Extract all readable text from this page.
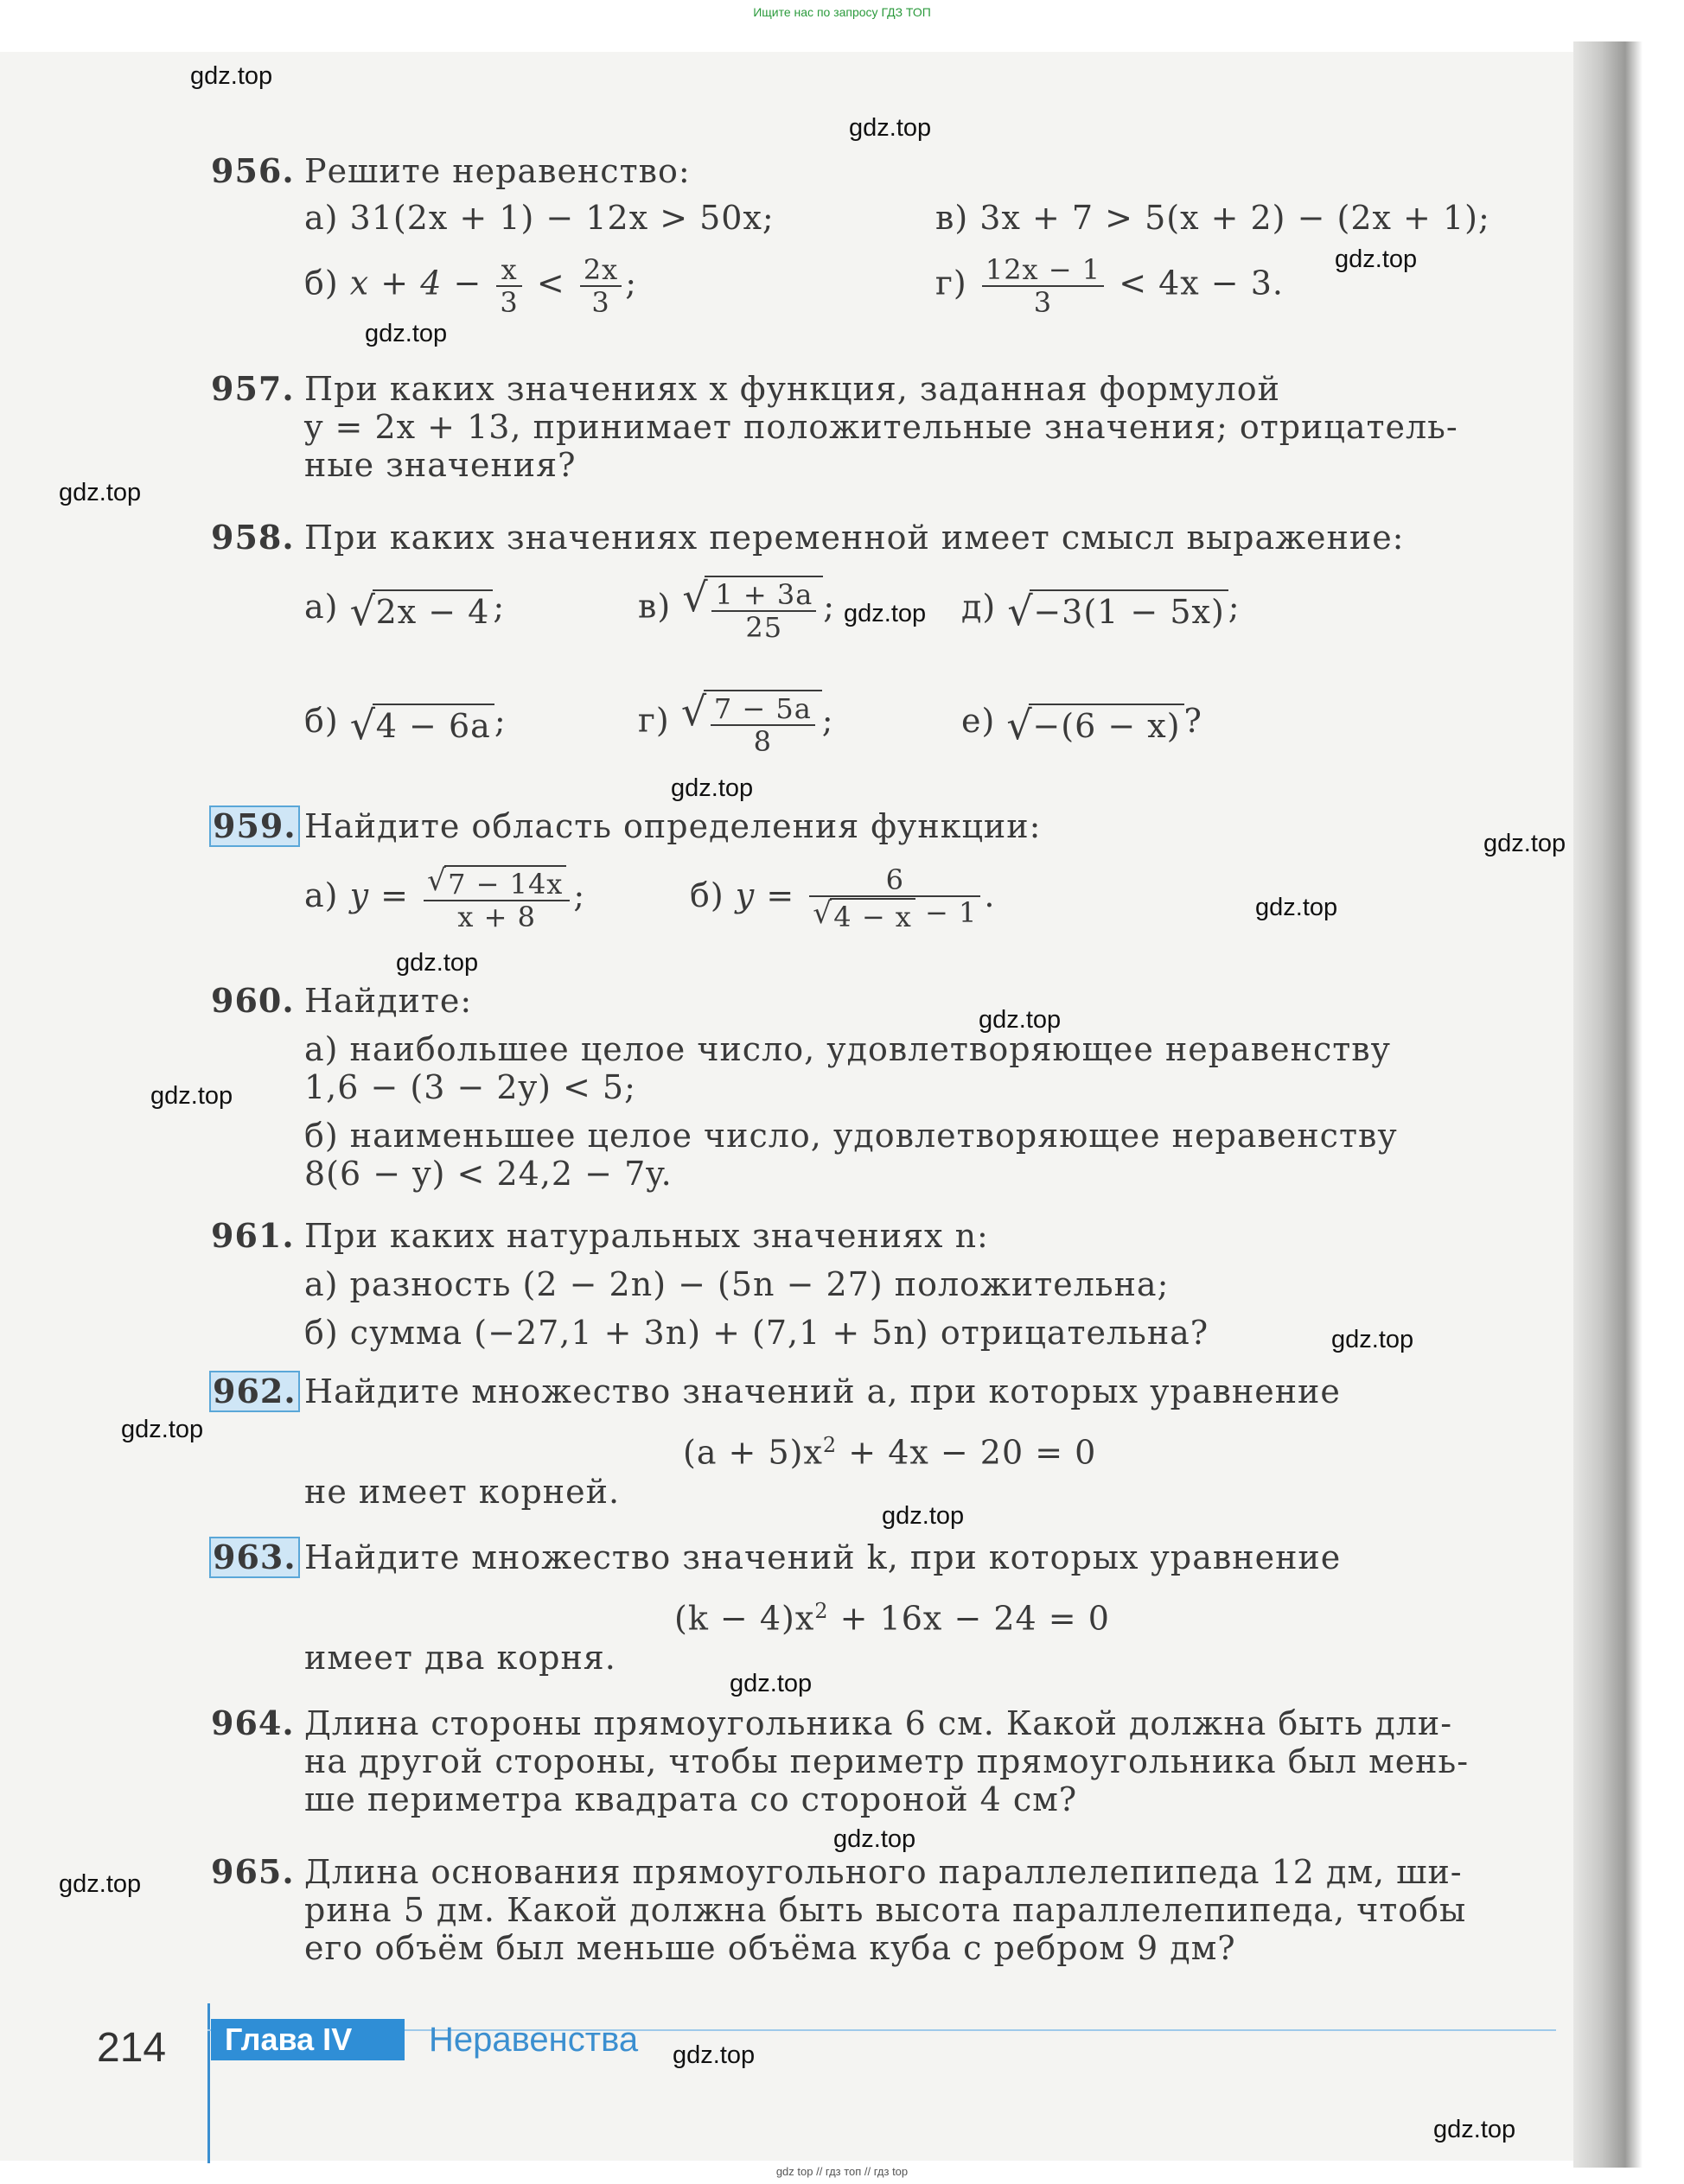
Ищите нас по запросу ГДЗ ТОП
gdz.top
gdz.top
gdz.top
gdz.top
gdz.top
gdz.top
gdz.top
gdz.top
gdz.top
gdz.top
gdz.top
gdz.top
gdz.top
gdz.top
gdz.top
gdz.top
gdz.top
gdz.top
gdz.top
gdz.top
956. Решите неравенство:
а) 31(2x + 1) − 12x > 50x;	в) 3x + 7 > 5(x + 2) − (2x + 1);
б) $x + 4 - \frac{x}{3} < \frac{2x}{3}$ ;	$г) \frac{12x - 1}{3} < 4x - 3$.
957. При каких значениях x функция, заданная формулой
y = 2x + 13, принимает положительные значения; отрицатель-
ные значения?
958. При каких значениях переменной имеет смысл выражение:
а) √ 2x − 4 ;	в) √ $\frac{1 + 3a}{25}$ ;	д) √ −3(1 − 5x) ;
б) √ 4 − 6a ;	г) √ $\frac{7 - 5a}{8}$ ;	е) √ −(6 − x) ?
959. Найдите область определения функции:
а) $y = \frac{√ 7 - 14x}{x + 8}$ ;	б) $y = \frac{6}{√ 4 - x - 1}$ .
960. Найдите:
а) наибольшее целое число, удовлетворяющее неравенству
1,6 − (3 − 2y) < 5;
б) наименьшее целое число, удовлетворяющее неравенству
8(6 − y) < 24,2 − 7y.
961. При каких натуральных значениях n:
а) разность (2 − 2n) − (5n − 27) положительна;
б) сумма (−27,1 + 3n) + (7,1 + 5n) отрицательна?
962. Найдите множество значений a, при которых уравнение
$(a + 5)x^2 + 4x - 20 = 0$
не имеет корней.
963. Найдите множество значений k, при которых уравнение
$(k - 4)x^2 + 16x - 24 = 0$
имеет два корня.
964. Длина стороны прямоугольника 6 см. Какой должна быть дли-
на другой стороны, чтобы периметр прямоугольника был мень-
ше периметра квадрата со стороной 4 см?
965. Длина основания прямоугольного параллелепипеда 12 дм, ши-
рина 5 дм. Какой должна быть высота параллелепипеда, чтобы
его объём был меньше объёма куба с ребром 9 дм?
214	Глава IV	Неравенства
gdz top // гдз топ // гдз top
